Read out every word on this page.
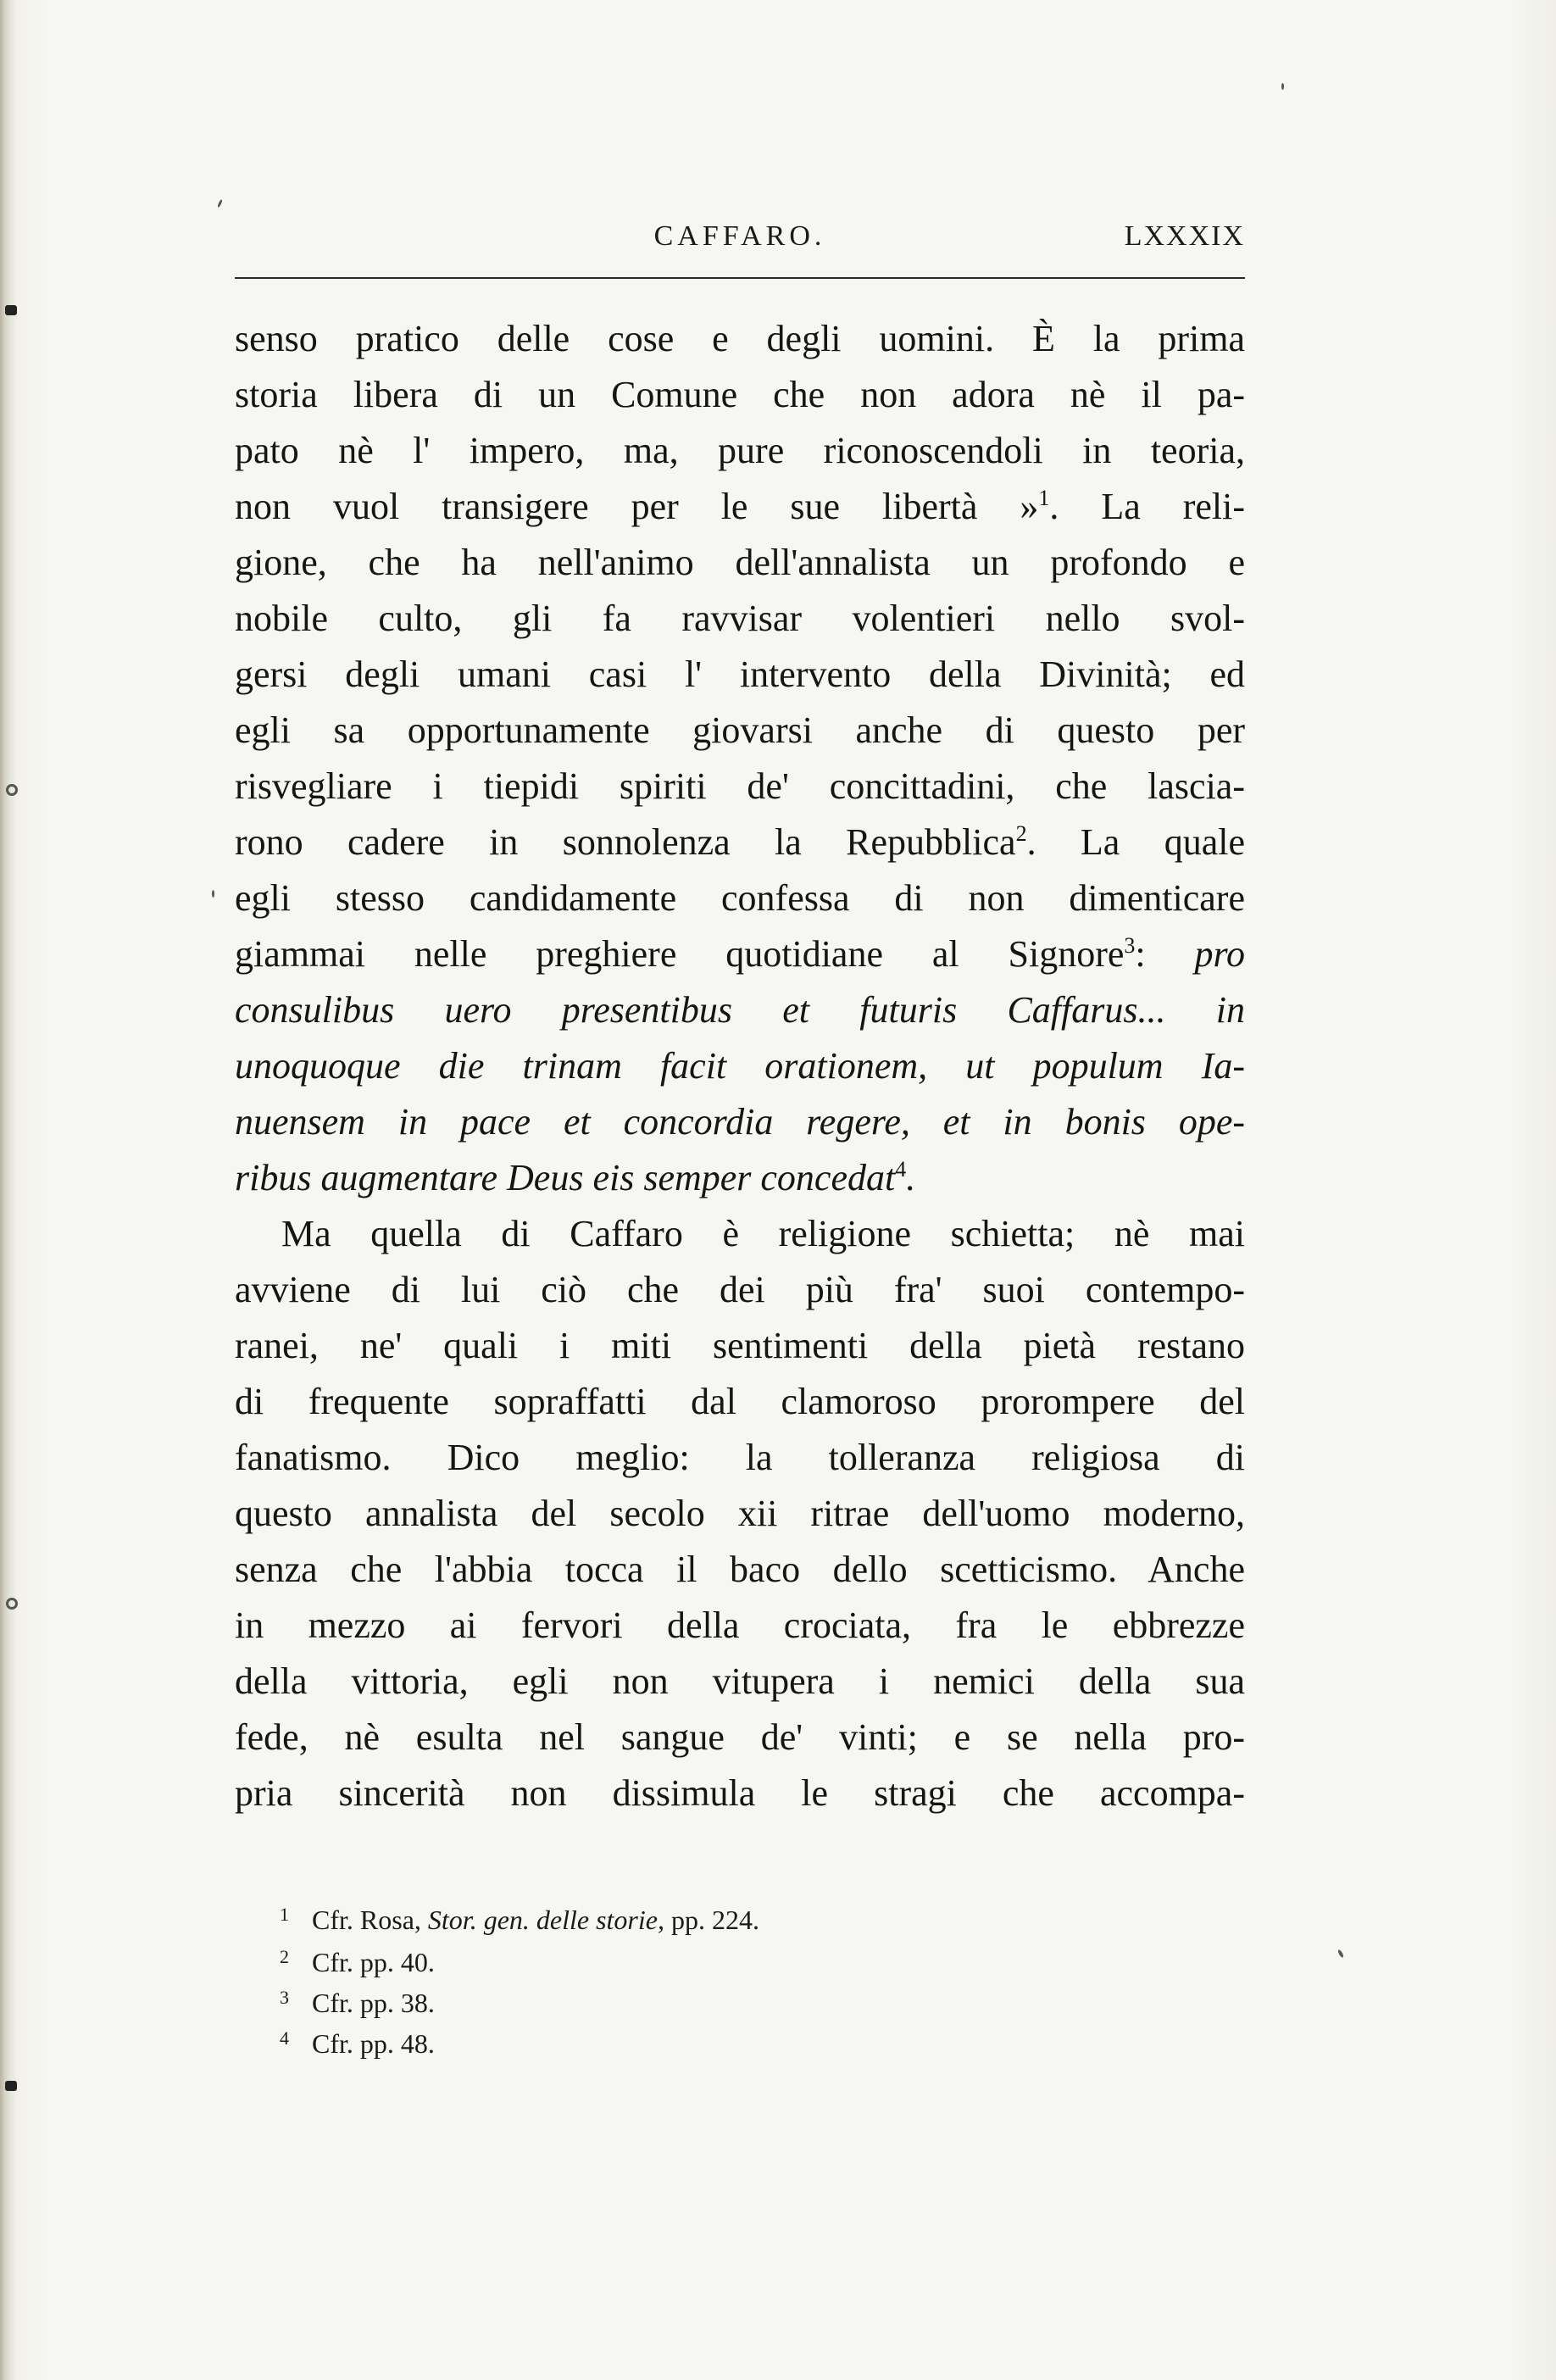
CAFFARO.	LXXXIX
senso pratico delle cose e degli uomini. È la prima
storia libera di un Comune che non adora nè il pa-
pato nè l' impero, ma, pure riconoscendoli in teoria,
non vuol transigere per le sue libertà »$^1$. La reli-
gione, che ha nell'animo dell'annalista un profondo e
nobile culto, gli fa ravvisar volentieri nello svol-
gersi degli umani casi l' intervento della Divinità; ed
egli sa opportunamente giovarsi anche di questo per
risvegliare i tiepidi spiriti de' concittadini, che lascia-
rono cadere in sonnolenza la Repubblica$^2$. La quale
egli stesso candidamente confessa di non dimenticare
giammai nelle preghiere quotidiane al Signore$^3$: pro
consulibus uero presentibus et futuris Caffarus... in
unoquoque die trinam facit orationem, ut populum Ia-
nuensem in pace et concordia regere, et in bonis ope-
ribus augmentare Deus eis semper concedat$^4$.
Ma quella di Caffaro è religione schietta; nè mai
avviene di lui ciò che dei più fra' suoi contempo-
ranei, ne' quali i miti sentimenti della pietà restano
di frequente sopraffatti dal clamoroso prorompere del
fanatismo. Dico meglio: la tolleranza religiosa di
questo annalista del secolo xii ritrae dell'uomo moderno,
senza che l'abbia tocca il baco dello scetticismo. Anche
in mezzo ai fervori della crociata, fra le ebbrezze
della vittoria, egli non vitupera i nemici della sua
fede, nè esulta nel sangue de' vinti; e se nella pro-
pria sincerità non dissimula le stragi che accompa-
1 Cfr. Rosa, Stor. gen. delle storie, pp. 224.
2 Cfr. pp. 40.
3 Cfr. pp. 38.
4 Cfr. pp. 48.
